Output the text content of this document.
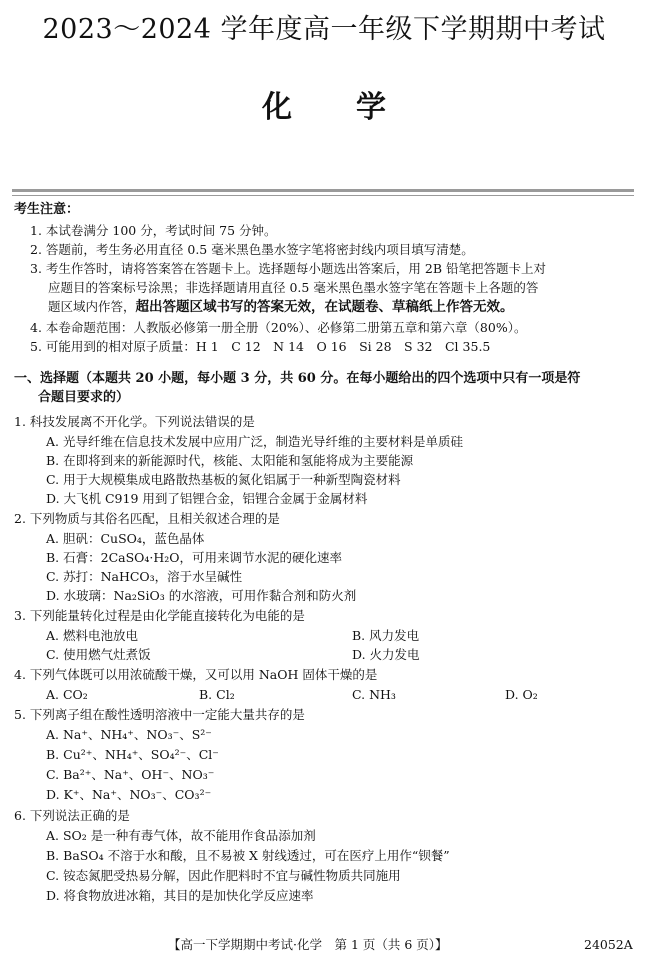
2023～2024 学年度高一年级下学期期中考试
化学
考生注意：
1. 本试卷满分 100 分，考试时间 75 分钟。
2. 答题前，考生务必用直径 0.5 毫米黑色墨水签字笔将密封线内项目填写清楚。
3. 考生作答时，请将答案答在答题卡上。选择题每小题选出答案后，用 2B 铅笔把答题卡上对
应题目的答案标号涂黑；非选择题请用直径 0.5 毫米黑色墨水签字笔在答题卡上各题的答
题区域内作答，超出答题区域书写的答案无效，在试题卷、草稿纸上作答无效。
4. 本卷命题范围：人教版必修第一册全册（20%）、必修第二册第五章和第六章（80%）。
5. 可能用到的相对原子质量：H 1　C 12　N 14　O 16　Si 28　S 32　Cl 35.5
一、选择题（本题共 20 小题，每小题 3 分，共 60 分。在每小题给出的四个选项中只有一项是符
合题目要求的）
1. 科技发展离不开化学。下列说法错误的是
A. 光导纤维在信息技术发展中应用广泛，制造光导纤维的主要材料是单质硅
B. 在即将到来的新能源时代，核能、太阳能和氢能将成为主要能源
C. 用于大规模集成电路散热基板的氮化铝属于一种新型陶瓷材料
D. 大飞机 C919 用到了铝锂合金，铝锂合金属于金属材料
2. 下列物质与其俗名匹配，且相关叙述合理的是
A. 胆矾：CuSO₄，蓝色晶体
B. 石膏：2CaSO₄·H₂O，可用来调节水泥的硬化速率
C. 苏打：NaHCO₃，溶于水呈碱性
D. 水玻璃：Na₂SiO₃ 的水溶液，可用作黏合剂和防火剂
3. 下列能量转化过程是由化学能直接转化为电能的是
A. 燃料电池放电	B. 风力发电
C. 使用燃气灶煮饭	D. 火力发电
4. 下列气体既可以用浓硫酸干燥，又可以用 NaOH 固体干燥的是
A. CO₂	B. Cl₂	C. NH₃	D. O₂
5. 下列离子组在酸性透明溶液中一定能大量共存的是
A. Na⁺、NH₄⁺、NO₃⁻、S²⁻
B. Cu²⁺、NH₄⁺、SO₄²⁻、Cl⁻
C. Ba²⁺、Na⁺、OH⁻、NO₃⁻
D. K⁺、Na⁺、NO₃⁻、CO₃²⁻
6. 下列说法正确的是
A. SO₂ 是一种有毒气体，故不能用作食品添加剂
B. BaSO₄ 不溶于水和酸，且不易被 X 射线透过，可在医疗上用作“钡餐”
C. 铵态氮肥受热易分解，因此作肥料时不宜与碱性物质共同施用
D. 将食物放进冰箱，其目的是加快化学反应速率
【高一下学期期中考试·化学　第 1 页（共 6 页）】	24052A
